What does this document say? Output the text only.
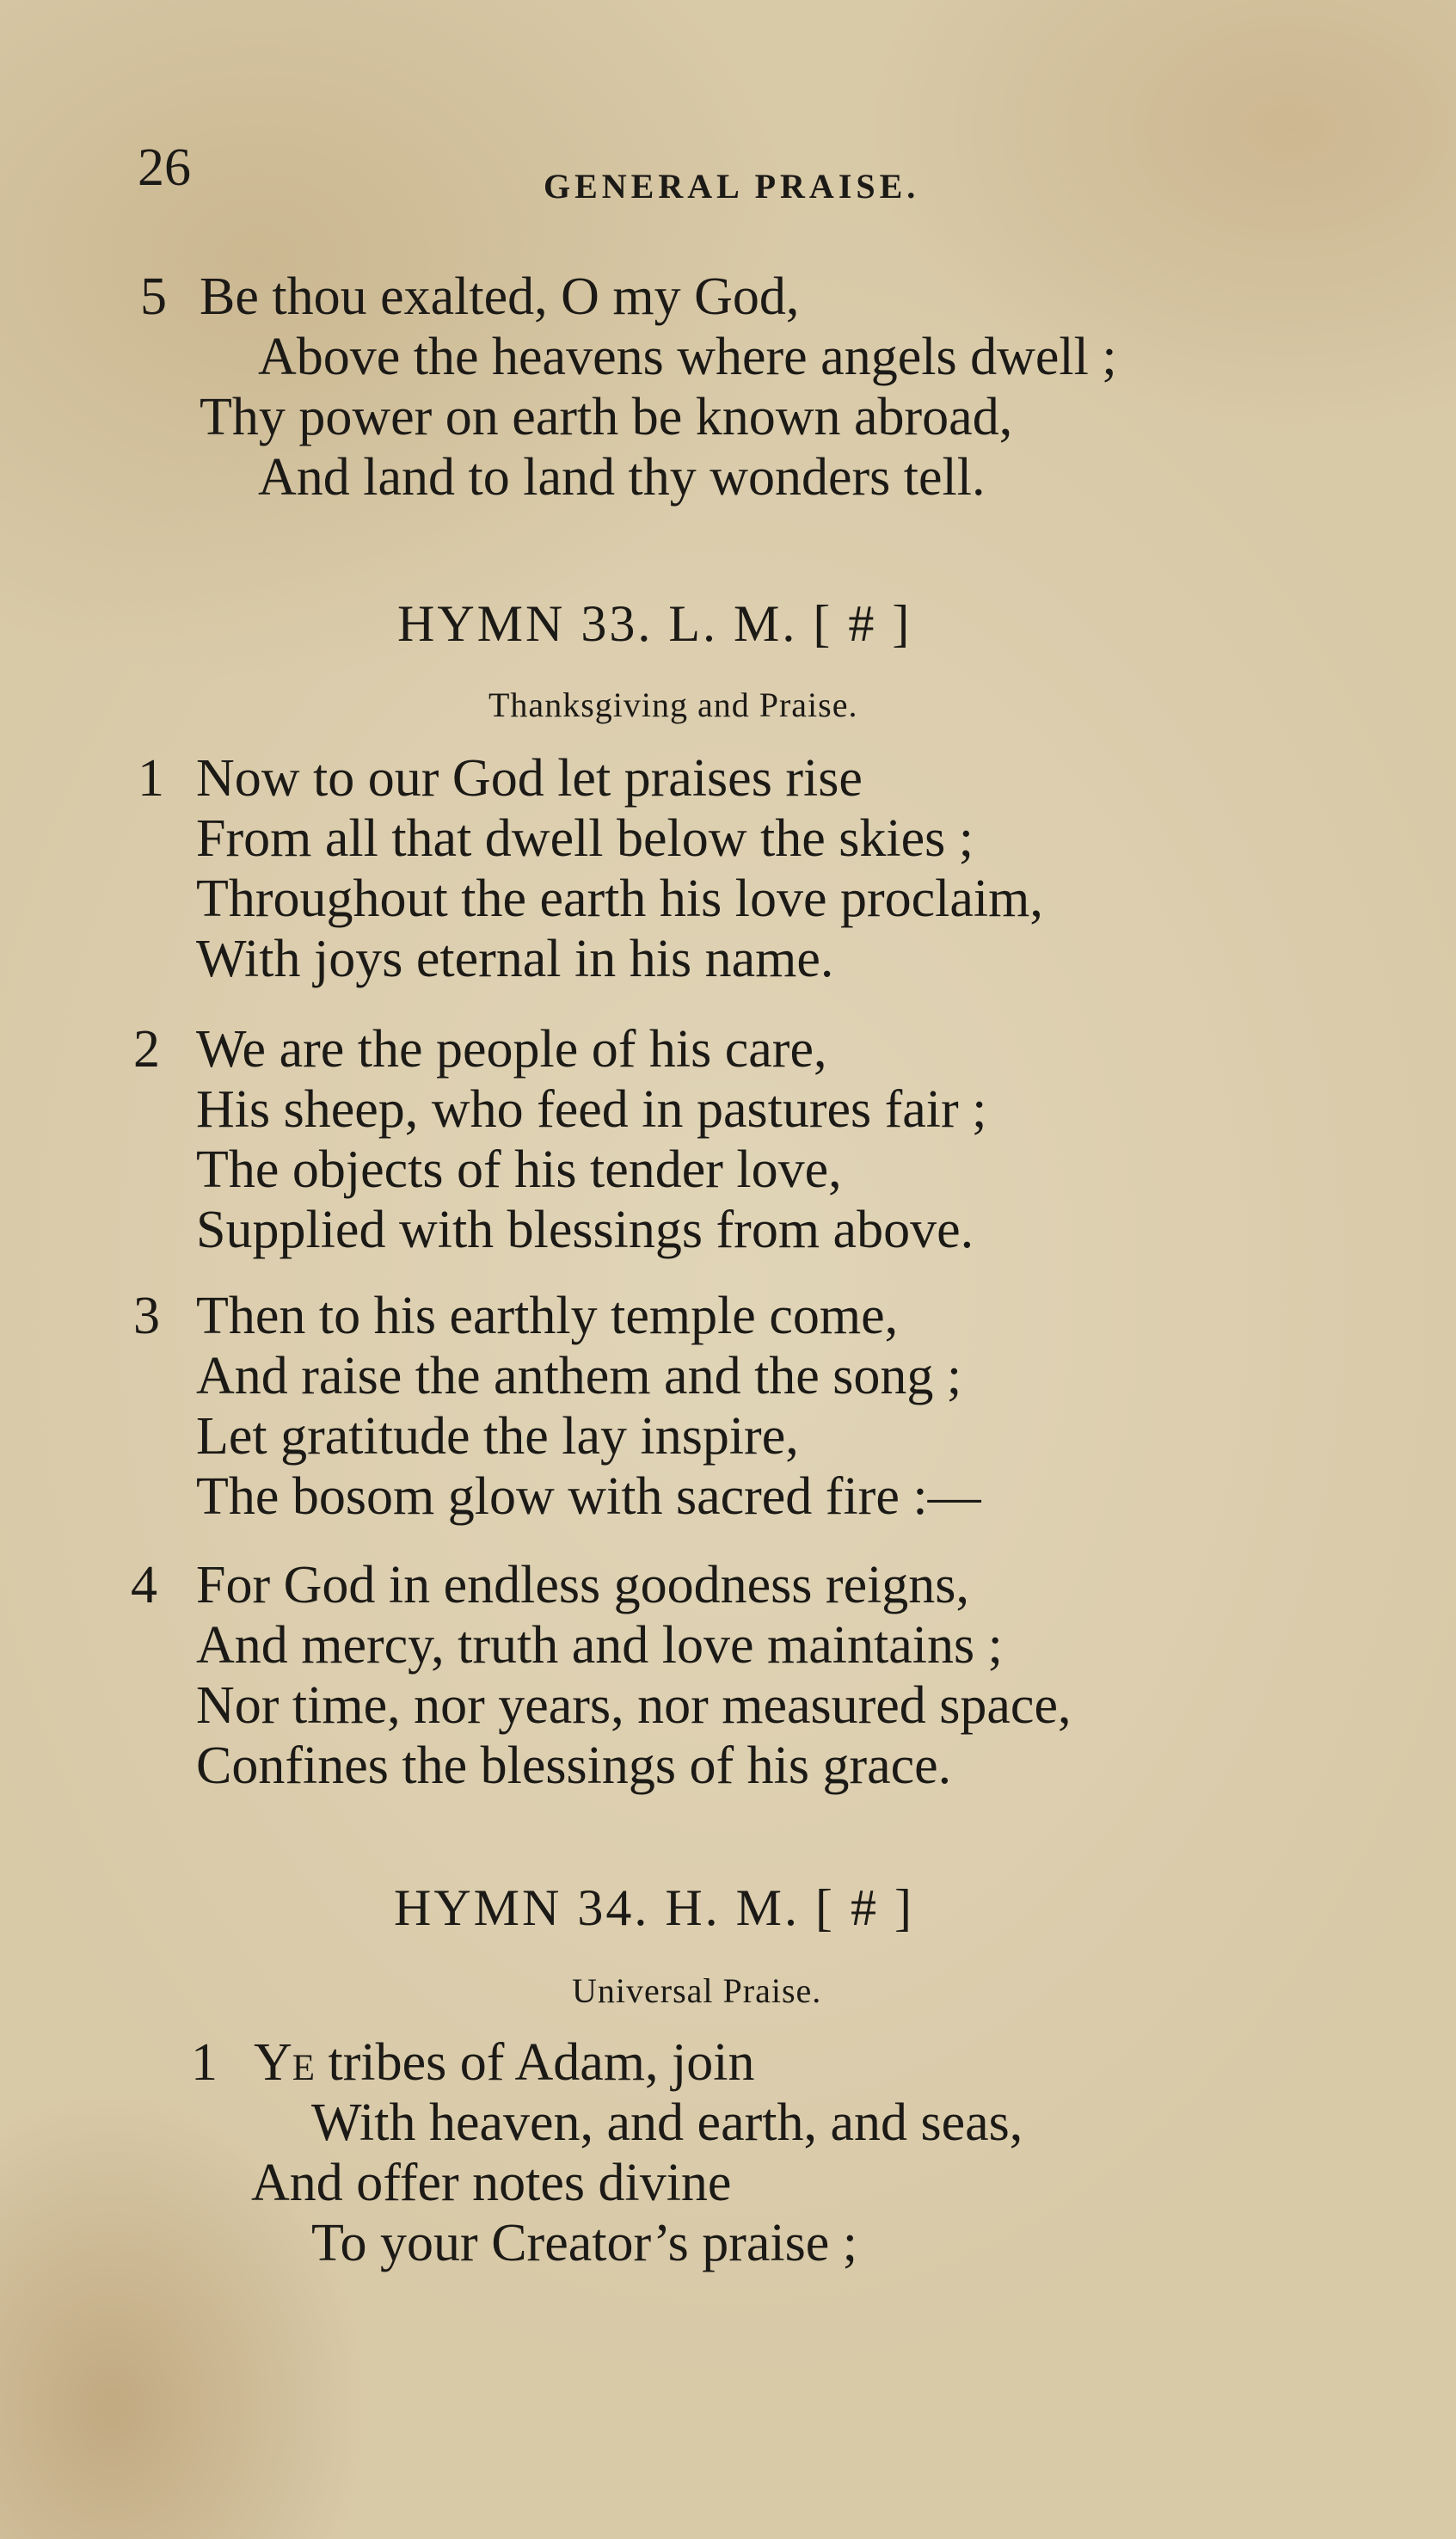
26	GENERAL PRAISE.
5 Be thou exalted, O my God,
Above the heavens where angels dwell ;
Thy power on earth be known abroad,
And land to land thy wonders tell.
HYMN 33. L. M. [ # ]
Thanksgiving and Praise.
1 Now to our God let praises rise
From all that dwell below the skies ;
Throughout the earth his love proclaim,
With joys eternal in his name.
2 We are the people of his care,
His sheep, who feed in pastures fair ;
The objects of his tender love,
Supplied with blessings from above.
3 Then to his earthly temple come,
And raise the anthem and the song ;
Let gratitude the lay inspire,
The bosom glow with sacred fire :—
4 For God in endless goodness reigns,
And mercy, truth and love maintains ;
Nor time, nor years, nor measured space,
Confines the blessings of his grace.
HYMN 34. H. M. [ # ]
Universal Praise.
1 Ye tribes of Adam, join
With heaven, and earth, and seas,
And offer notes divine
To your Creator’s praise ;
